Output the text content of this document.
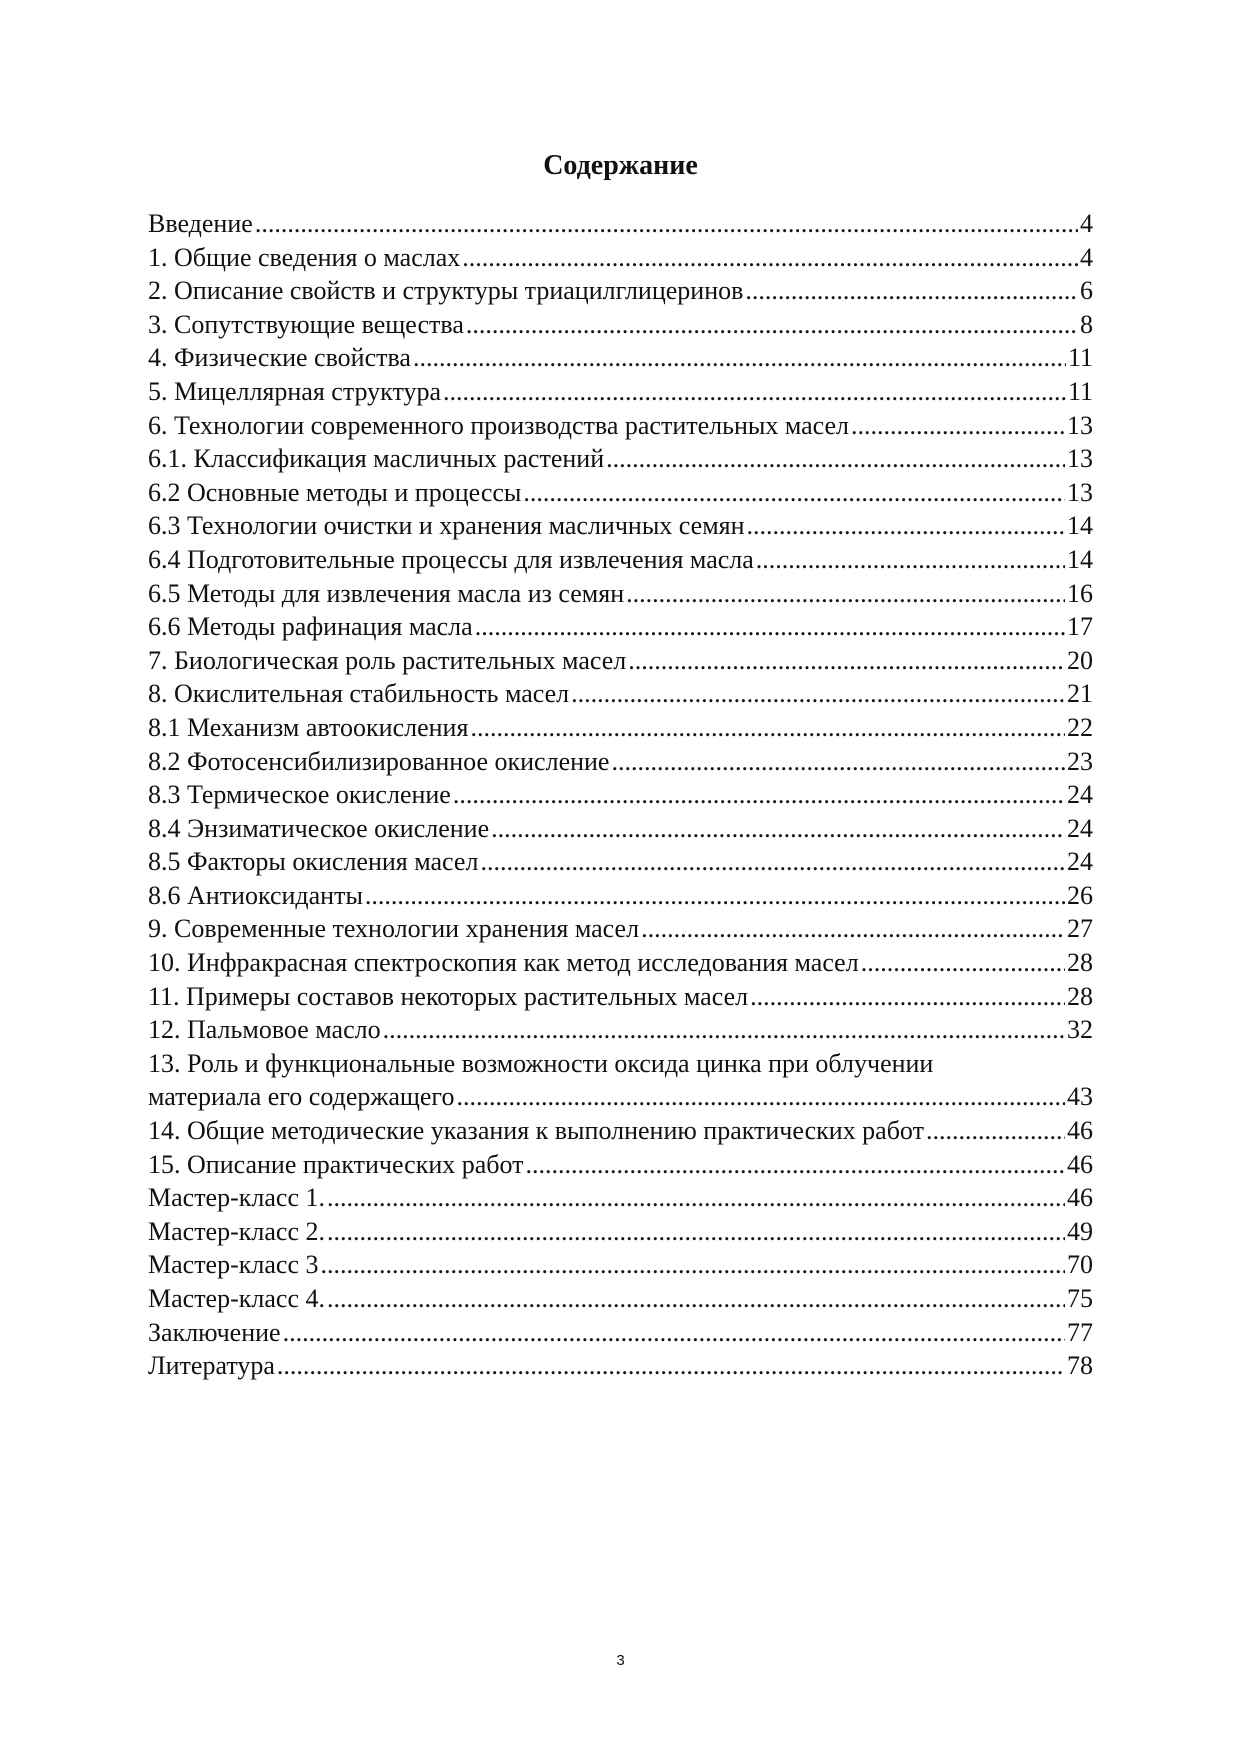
Содержание
Введение .....	4
1. Общие сведения о маслах .....	4
2. Описание свойств и структуры триацилглицеринов .....	6
3. Сопутствующие вещества .....	8
4. Физические свойства .....	11
5. Мицеллярная структура .....	11
6. Технологии современного производства растительных масел .....	13
6.1. Классификация масличных растений .....	13
6.2 Основные методы и процессы .....	13
6.3 Технологии очистки и хранения масличных семян .....	14
6.4 Подготовительные процессы для извлечения масла .....	14
6.5 Методы для извлечения масла из семян .....	16
6.6 Методы рафинация масла .....	17
7. Биологическая роль растительных масел .....	20
8. Окислительная стабильность масел .....	21
8.1 Механизм автоокисления .....	22
8.2 Фотосенсибилизированное окисление .....	23
8.3 Термическое окисление .....	24
8.4 Энзиматическое окисление .....	24
8.5 Факторы окисления масел .....	24
8.6 Антиоксиданты .....	26
9. Современные технологии хранения масел .....	27
10. Инфракрасная спектроскопия как метод исследования масел .....	28
11. Примеры составов некоторых растительных масел .....	28
12. Пальмовое масло .....	32
13. Роль и функциональные возможности оксида цинка при облучении
материала его содержащего .....	43
14. Общие методические указания к выполнению практических работ .....	46
15. Описание практических работ .....	46
Мастер-класс 1. .....	46
Мастер-класс 2. .....	49
Мастер-класс 3 .....	70
Мастер-класс 4. .....	75
Заключение .....	77
Литература .....	78
3
